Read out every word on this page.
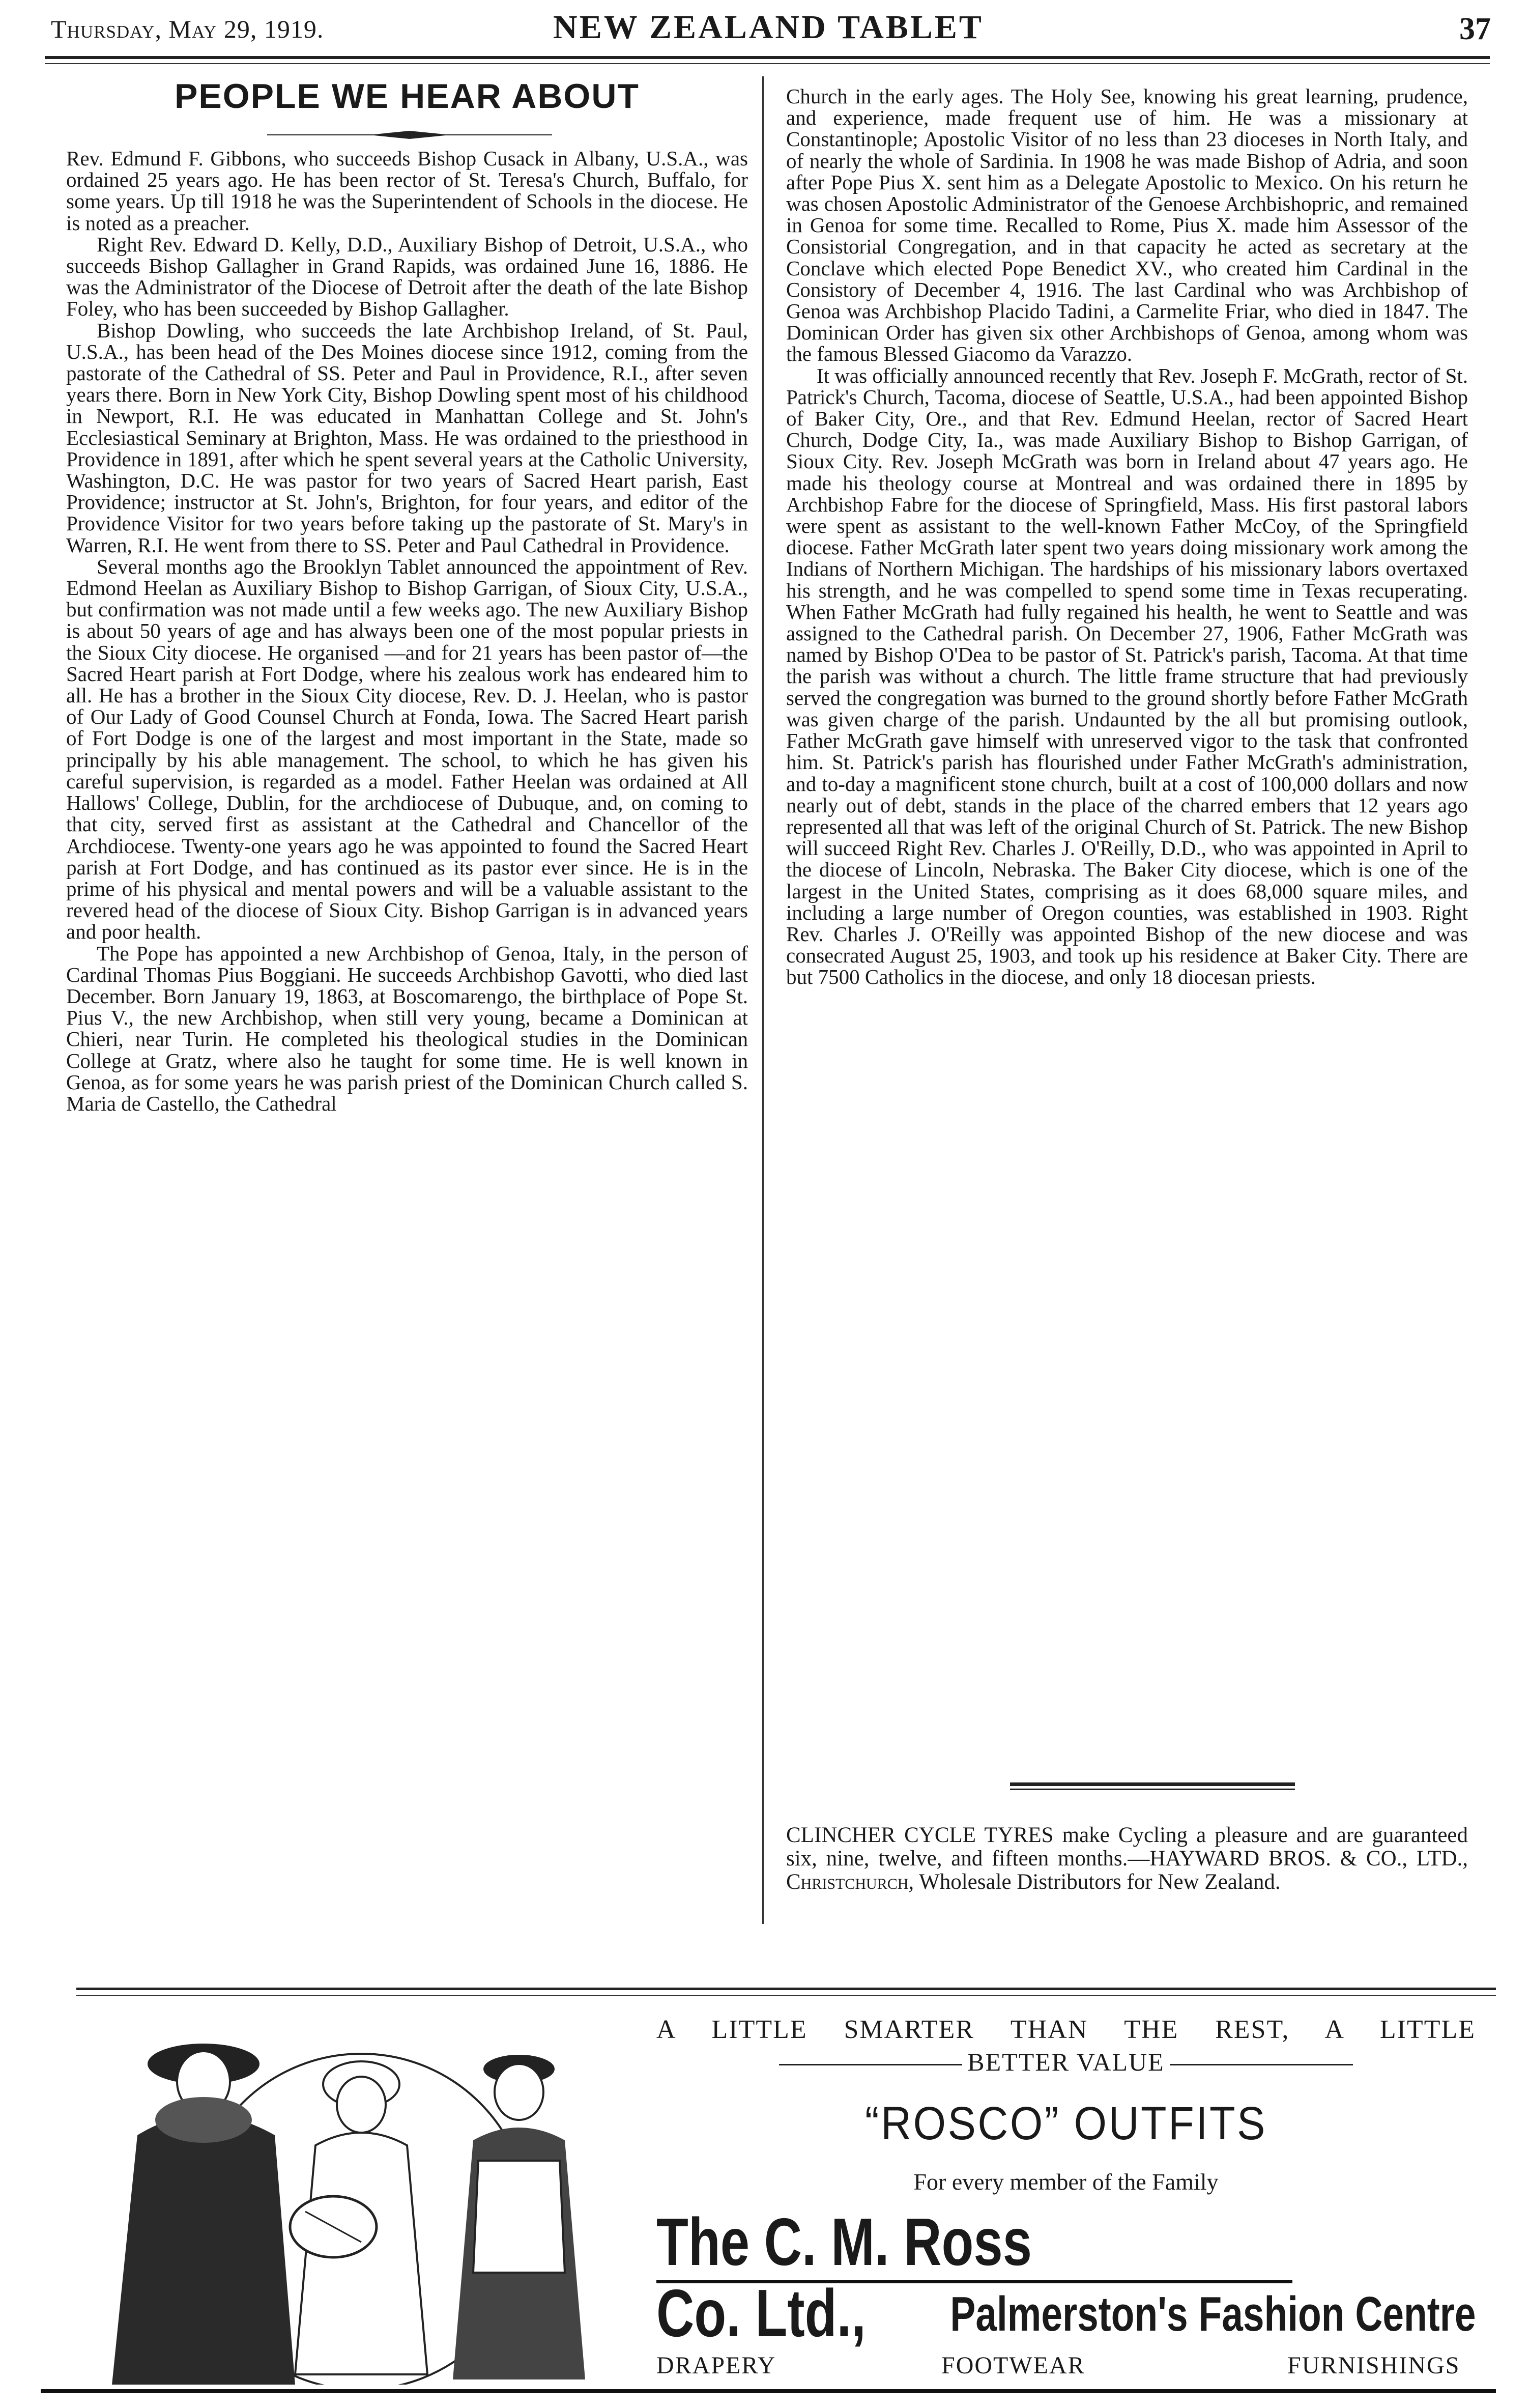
Thursday, May 29, 1919.	NEW ZEALAND TABLET	37
PEOPLE WE HEAR ABOUT

Rev. Edmund F. Gibbons, who succeeds Bishop Cusack in Albany, U.S.A., was ordained 25 years ago. He has been rector of St. Teresa's Church, Buffalo, for some years. Up till 1918 he was the Superintendent of Schools in the diocese. He is noted as a preacher.

Right Rev. Edward D. Kelly, D.D., Auxiliary Bishop of Detroit, U.S.A., who succeeds Bishop Gallagher in Grand Rapids, was ordained June 16, 1886. He was the Administrator of the Diocese of Detroit after the death of the late Bishop Foley, who has been succeeded by Bishop Gallagher.

Bishop Dowling, who succeeds the late Archbishop Ireland, of St. Paul, U.S.A., has been head of the Des Moines diocese since 1912, coming from the pastorate of the Cathedral of SS. Peter and Paul in Providence, R.I., after seven years there. Born in New York City, Bishop Dowling spent most of his childhood in Newport, R.I. He was educated in Manhattan College and St. John's Ecclesiastical Seminary at Brighton, Mass. He was ordained to the priesthood in Providence in 1891, after which he spent several years at the Catholic University, Washington, D.C. He was pastor for two years of Sacred Heart parish, East Providence; instructor at St. John's, Brighton, for four years, and editor of the Providence Visitor for two years before taking up the pastorate of St. Mary's in Warren, R.I. He went from there to SS. Peter and Paul Cathedral in Providence.

Several months ago the Brooklyn Tablet announced the appointment of Rev. Edmond Heelan as Auxiliary Bishop to Bishop Garrigan, of Sioux City, U.S.A., but confirmation was not made until a few weeks ago. The new Auxiliary Bishop is about 50 years of age and has always been one of the most popular priests in the Sioux City diocese. He organised —and for 21 years has been pastor of—the Sacred Heart parish at Fort Dodge, where his zealous work has endeared him to all. He has a brother in the Sioux City diocese, Rev. D. J. Heelan, who is pastor of Our Lady of Good Counsel Church at Fonda, Iowa. The Sacred Heart parish of Fort Dodge is one of the largest and most important in the State, made so principally by his able management. The school, to which he has given his careful supervision, is regarded as a model. Father Heelan was ordained at All Hallows' College, Dublin, for the archdiocese of Dubuque, and, on coming to that city, served first as assistant at the Cathedral and Chancellor of the Archdiocese. Twenty-one years ago he was appointed to found the Sacred Heart parish at Fort Dodge, and has continued as its pastor ever since. He is in the prime of his physical and mental powers and will be a valuable assistant to the revered head of the diocese of Sioux City. Bishop Garrigan is in advanced years and poor health.

The Pope has appointed a new Archbishop of Genoa, Italy, in the person of Cardinal Thomas Pius Boggiani. He succeeds Archbishop Gavotti, who died last December. Born January 19, 1863, at Boscomarengo, the birthplace of Pope St. Pius V., the new Archbishop, when still very young, became a Dominican at Chieri, near Turin. He completed his theological studies in the Dominican College at Gratz, where also he taught for some time. He is well known in Genoa, as for some years he was parish priest of the Dominican Church called S. Maria de Castello, the Cathedral

Church in the early ages. The Holy See, knowing his great learning, prudence, and experience, made frequent use of him. He was a missionary at Constantinople; Apostolic Visitor of no less than 23 dioceses in North Italy, and of nearly the whole of Sardinia. In 1908 he was made Bishop of Adria, and soon after Pope Pius X. sent him as a Delegate Apostolic to Mexico. On his return he was chosen Apostolic Administrator of the Genoese Archbishopric, and remained in Genoa for some time. Recalled to Rome, Pius X. made him Assessor of the Consistorial Congregation, and in that capacity he acted as secretary at the Conclave which elected Pope Benedict XV., who created him Cardinal in the Consistory of December 4, 1916. The last Cardinal who was Archbishop of Genoa was Archbishop Placido Tadini, a Carmelite Friar, who died in 1847. The Dominican Order has given six other Archbishops of Genoa, among whom was the famous Blessed Giacomo da Varazzo.

It was officially announced recently that Rev. Joseph F. McGrath, rector of St. Patrick's Church, Tacoma, diocese of Seattle, U.S.A., had been appointed Bishop of Baker City, Ore., and that Rev. Edmund Heelan, rector of Sacred Heart Church, Dodge City, Ia., was made Auxiliary Bishop to Bishop Garrigan, of Sioux City. Rev. Joseph McGrath was born in Ireland about 47 years ago. He made his theology course at Montreal and was ordained there in 1895 by Archbishop Fabre for the diocese of Springfield, Mass. His first pastoral labors were spent as assistant to the well-known Father McCoy, of the Springfield diocese. Father McGrath later spent two years doing missionary work among the Indians of Northern Michigan. The hardships of his missionary labors overtaxed his strength, and he was compelled to spend some time in Texas recuperating. When Father McGrath had fully regained his health, he went to Seattle and was assigned to the Cathedral parish. On December 27, 1906, Father McGrath was named by Bishop O'Dea to be pastor of St. Patrick's parish, Tacoma. At that time the parish was without a church. The little frame structure that had previously served the congregation was burned to the ground shortly before Father McGrath was given charge of the parish. Undaunted by the all but promising outlook, Father McGrath gave himself with unreserved vigor to the task that confronted him. St. Patrick's parish has flourished under Father McGrath's administration, and to-day a magnificent stone church, built at a cost of 100,000 dollars and now nearly out of debt, stands in the place of the charred embers that 12 years ago represented all that was left of the original Church of St. Patrick. The new Bishop will succeed Right Rev. Charles J. O'Reilly, D.D., who was appointed in April to the diocese of Lincoln, Nebraska. The Baker City diocese, which is one of the largest in the United States, comprising as it does 68,000 square miles, and including a large number of Oregon counties, was established in 1903. Right Rev. Charles J. O'Reilly was appointed Bishop of the new diocese and was consecrated August 25, 1903, and took up his residence at Baker City. There are but 7500 Catholics in the diocese, and only 18 diocesan priests.

CLINCHER CYCLE TYRES make Cycling a pleasure and are guaranteed six, nine, twelve, and fifteen months.—HAYWARD BROS. & CO., LTD., Christchurch, Wholesale Distributors for New Zealand.
A LITTLE SMARTER THAN THE REST, A LITTLE
BETTER VALUE
“ROSCO” OUTFITS
For every member of the Family
The C. M. Ross Co. Ltd.,	Palmerston's Fashion Centre
DRAPERY	FOOTWEAR	FURNISHINGS
